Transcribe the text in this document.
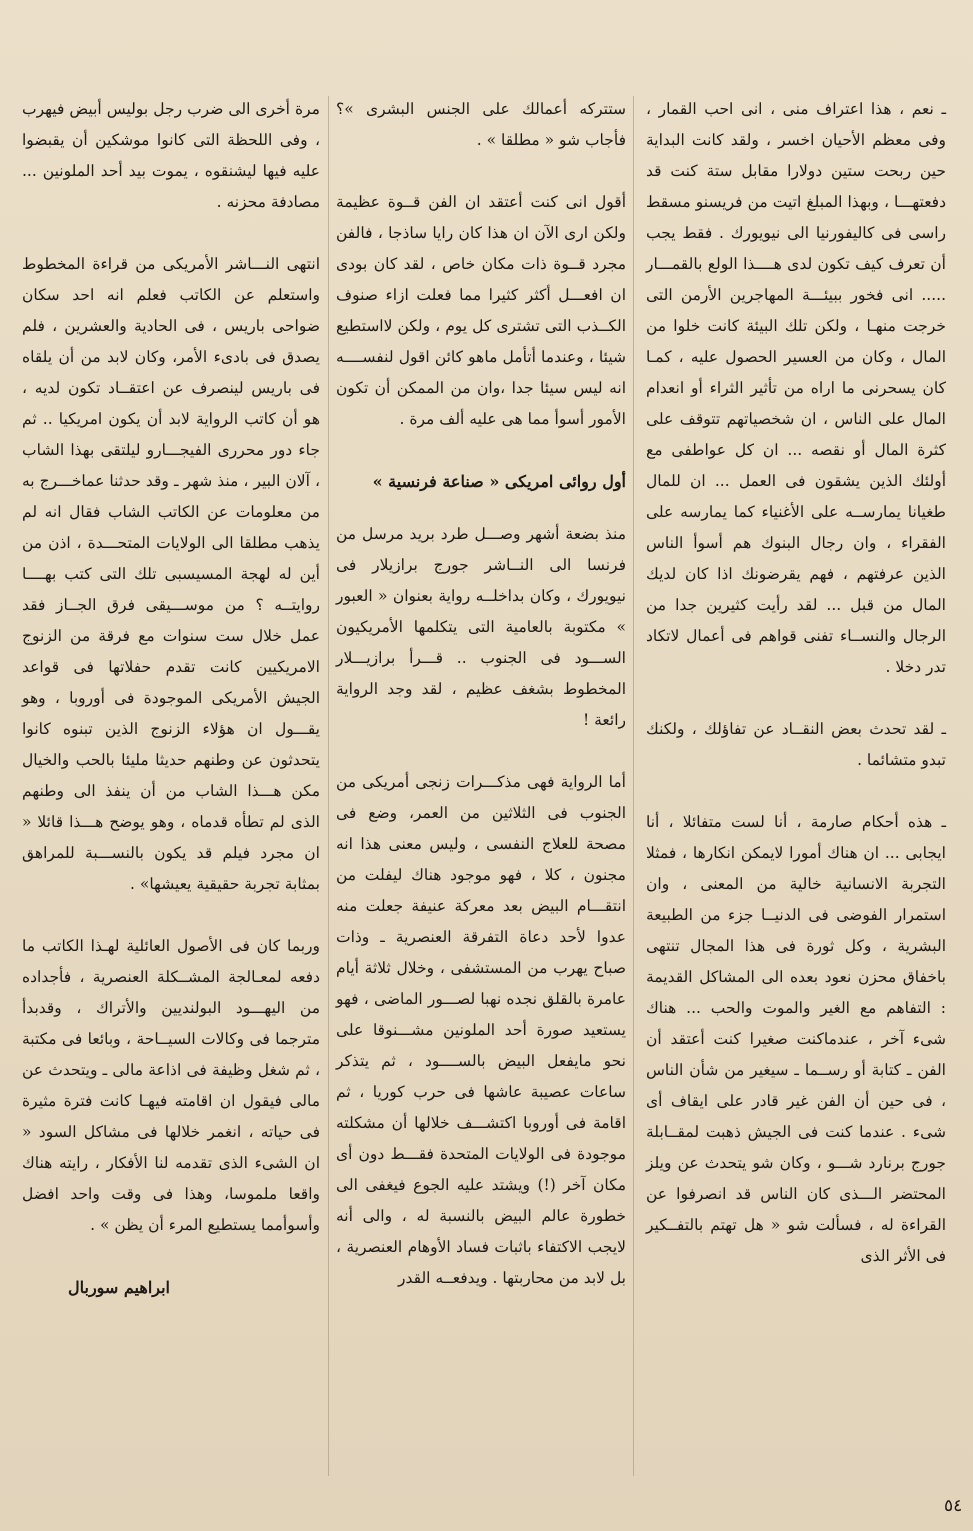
ـ نعم ، هذا اعتراف منى ، انى احب القمار ، وفى معظم الأحيان اخسر ، ولقد كانت البداية حين ربحت ستين دولارا مقابل ستة كنت قد دفعتهـــا ، وبهذا المبلغ اتيت من فريسنو مسقط راسى فى كاليفورنيا الى نيويورك . فقط يجب أن تعرف كيف تكون لدى هــــذا الولع بالقمـــار ..... انى فخور ببيئـــة المهاجرين الأرمن التى خرجت منهـا ، ولكن تلك البيئة كانت خلوا من المال ، وكان من العسير الحصول عليه ، كمـا كان يسحرنى ما اراه من تأثير الثراء أو انعدام المال على الناس ، ان شخصياتهم تتوقف على كثرة المال أو نقصه ... ان كل عواطفى مع أولئك الذين يشقون فى العمل ... ان للمال طغيانا يمارســه على الأغنياء كما يمارسه على الفقراء ، وان رجال البنوك هم أسوأ الناس الذين عرفتهم ، فهم يقرضونك اذا كان لديك المال من قبل ... لقد رأيت كثيرين جدا من الرجال والنســاء تفنى قواهم فى أعمال لاتكاد تدر دخلا .

ـ لقد تحدث بعض النقــاد عن تفاؤلك ، ولكنك تبدو متشائما .

ـ هذه أحكام صارمة ، أنا لست متفائلا ، أنا ايجابى ... ان هناك أمورا لايمكن انكارها ، فمثلا التجربة الانسانية خالية من المعنى ، وان استمرار الفوضى فى الدنيــا جزء من الطبيعة البشرية ، وكل ثورة فى هذا المجال تنتهى باخفاق محزن نعود بعده الى المشاكل القديمة : التفاهم مع الغير والموت والحب ... هناك شىء آخر ، عندماكنت صغيرا كنت أعتقد أن الفن ـ كتابة أو رســما ـ سيغير من شأن الناس ، فى حين أن الفن غير قادر على ايقاف أى شىء . عندما كنت فى الجيش ذهبت لمقــابلة جورج برنارد شـــو ، وكان شو يتحدث عن ويلز المحتضر الـــذى كان الناس قد انصرفوا عن القراءة له ، فسألت شو « هل تهتم بالتفــكير فى الأثر الذى

ستتركه أعمالك على الجنس البشرى »؟ فأجاب شو « مطلقا » .

أقول انى كنت أعتقد ان الفن قــوة عظيمة ولكن ارى الآن ان هذا كان رايا ساذجا ، فالفن مجرد قــوة ذات مكان خاص ، لقد كان بودى ان افعـــل أكثر كثيرا مما فعلت ازاء صنوف الكــذب التى تشترى كل يوم ، ولكن لااستطيع شيئا ، وعندما أتأمل ماهو كائن اقول لنفســــه انه ليس سيئا جدا ،وان من الممكن أن تكون الأمور أسوأ مما هى عليه ألف مرة .

أول روائى امريكى « صناعة فرنسية »

منذ بضعة أشهر وصـــل طرد بريد مرسل من فرنسا الى النــاشر جورج برازيلار فى نيويورك ، وكان بداخلــه رواية بعنوان « العبور » مكتوبة بالعامية التى يتكلمها الأمريكيون الســـود فى الجنوب .. قـــرأ برازيـــلار المخطوط بشغف عظيم ، لقد وجد الرواية رائعة !

أما الرواية فهى مذكـــرات زنجى أمريكى من الجنوب فى الثلاثين من العمر، وضع فى مصحة للعلاج النفسى ، وليس معنى هذا انه مجنون ، كلا ، فهو موجود هناك ليفلت من انتقـــام البيض بعد معركة عنيفة جعلت منه عدوا لأحد دعاة التفرقة العنصرية ـ وذات صباح يهرب من المستشفى ، وخلال ثلاثة أيام عامرة بالقلق نجده نهبا لصـــور الماضى ، فهو يستعيد صورة أحد الملونين مشـــنوقا على نحو مايفعل البيض بالســــود ، ثم يتذكر ساعات عصيبة عاشها فى حرب كوريا ، ثم اقامة فى أوروبا اكتشـــف خلالها أن مشكلته موجودة فى الولايات المتحدة فقـــط دون أى مكان آخر (!) ويشتد عليه الجوع فيغفى الى خطورة عالم البيض بالنسبة له ، والى أنه لايجب الاكتفاء باثبات فساد الأوهام العنصرية ، بل لابد من محاربتها . ويدفعــه القدر

مرة أخرى الى ضرب رجل بوليس أبيض فيهرب ، وفى اللحظة التى كانوا موشكين أن يقبضوا عليه فيها ليشنقوه ، يموت بيد أحد الملونين ... مصادفة محزنه .

انتهى النـــاشر الأمريكى من قراءة المخطوط واستعلم عن الكاتب فعلم انه احد سكان ضواحى باريس ، فى الحادية والعشرين ، فلم يصدق فى بادىء الأمر، وكان لابد من أن يلقاه فى باريس لينصرف عن اعتقــاد تكون لديه ، هو أن كاتب الرواية لابد أن يكون امريكيا .. ثم جاء دور محررى الفيجـــارو ليلتقى بهذا الشاب ، آلان البير ، منذ شهر ـ وقد حدثنا عماخـــرج به من معلومات عن الكاتب الشاب فقال انه لم يذهب مطلقا الى الولايات المتحـــدة ، اذن من أين له لهجة المسيسبى تلك التى كتب بهــــا روايتــه ؟ من موســـيقى فرق الجــاز فقد عمل خلال ست سنوات مع فرقة من الزنوج الامريكيين كانت تقدم حفلاتها فى قواعد الجيش الأمريكى الموجودة فى أوروبا ، وهو يقـــول ان هؤلاء الزنوج الذين تبنوه كانوا يتحدثون عن وطنهم حديثا ملیئا بالحب والخيال مكن هـــذا الشاب من أن ينفذ الى وطنهم الذى لم تطأه قدماه ، وهو يوضح هـــذا قائلا « ان مجرد فيلم قد يكون بالنســـبة للمراهق بمثابة تجربة حقيقية يعيشها» .

وربما كان فى الأصول العائلية لهـذا الكاتب ما دفعه لمعـالجة المشــكلة العنصرية ، فأجداده من اليهـــود البولنديين والأتراك ، وقدبدأ مترجما فى وكالات السيــاحة ، وبائعا فى مكتبة ، ثم شغل وظيفة فى اذاعة مالى ـ ويتحدث عن مالى فيقول ان اقامته فيهـا كانت فترة مثيرة فى حياته ، انغمر خلالها فى مشاكل السود « ان الشىء الذى تقدمه لنا الأفكار ، رايته هناك واقعا ملموسا، وهذا فى وقت واحد افضل وأسوأمما يستطيع المرء أن يظن » .

ابراهيم سوربال
٥٤
